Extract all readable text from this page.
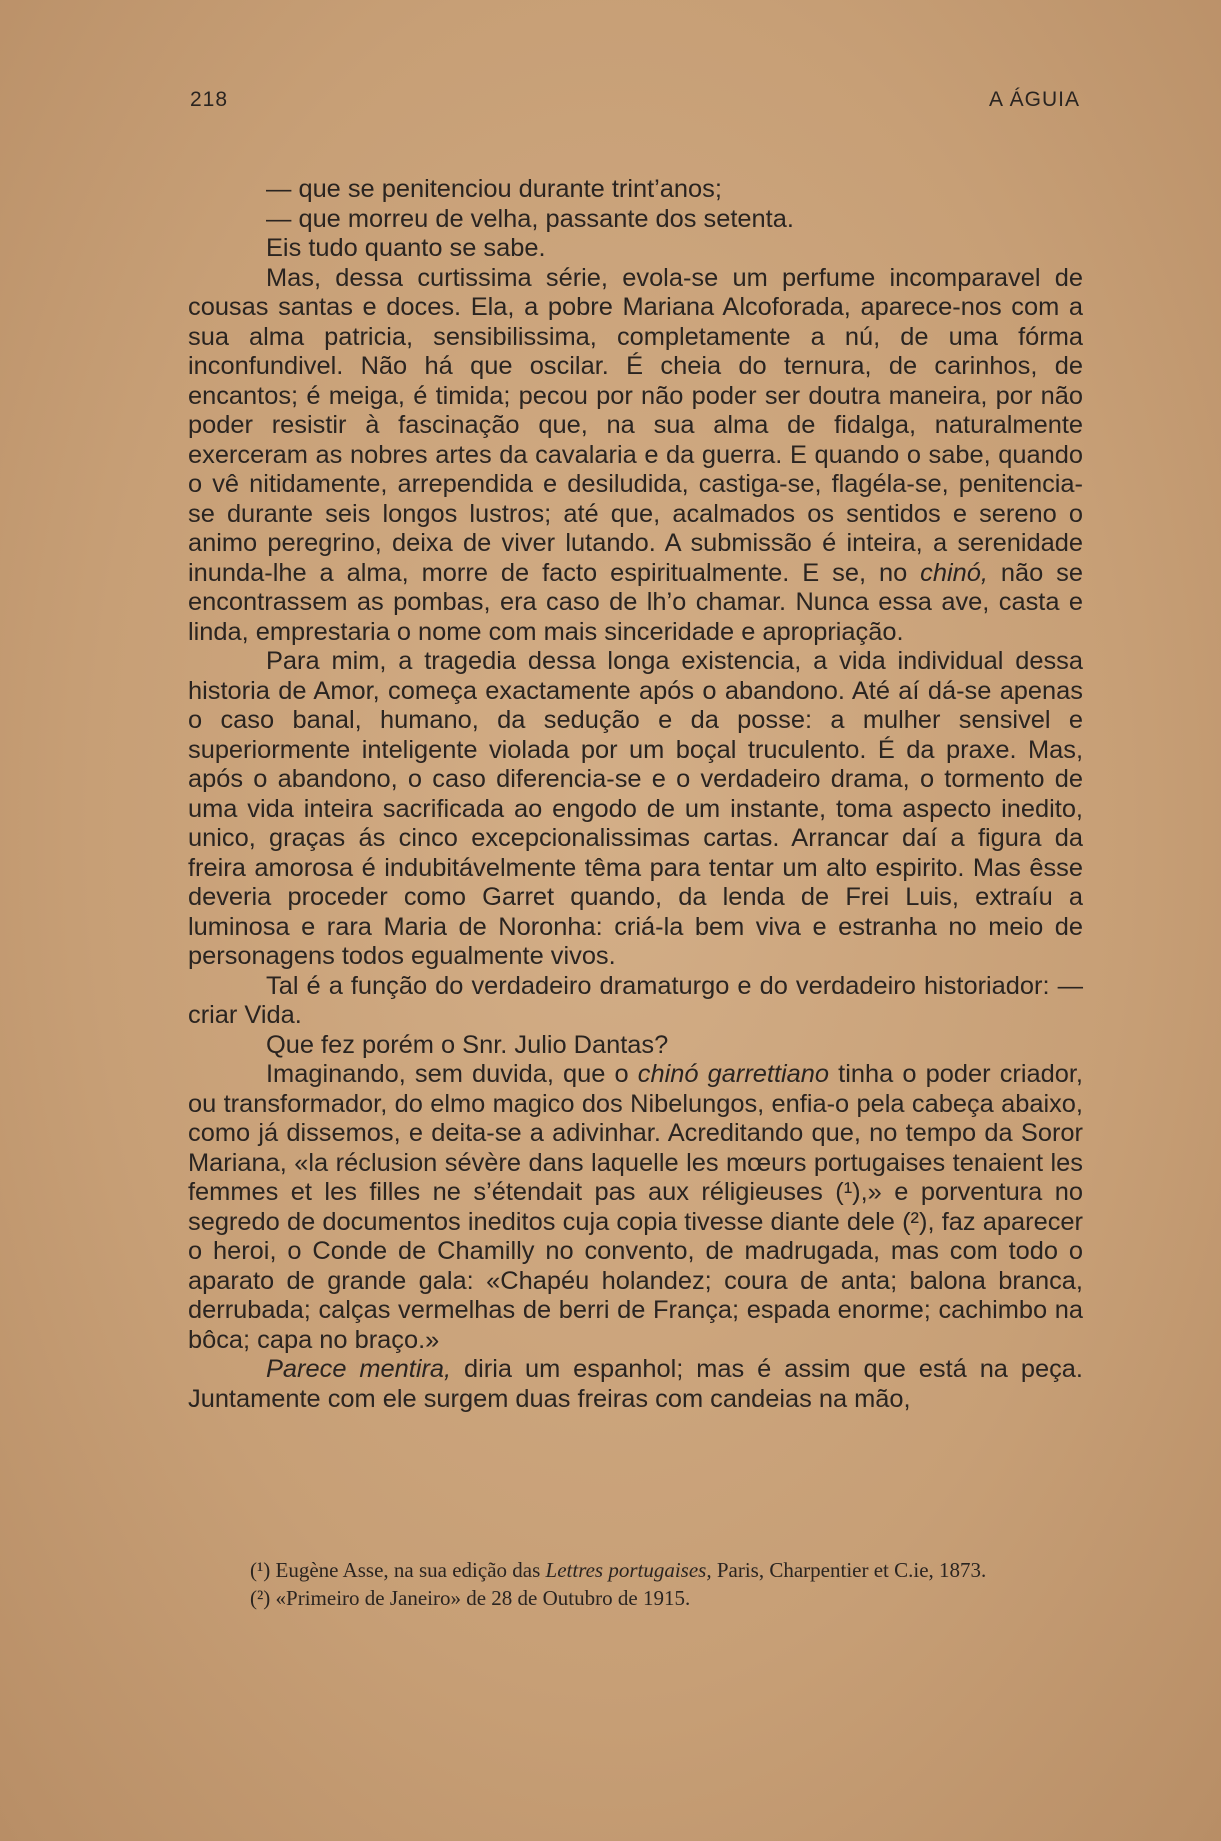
218	A ÁGUIA

— que se penitenciou durante trint’anos;

— que morreu de velha, passante dos setenta.

Eis tudo quanto se sabe.

Mas, dessa curtissima série, evola-se um perfume incomparavel de cousas santas e doces. Ela, a pobre Mariana Alcoforada, aparece-nos com a sua alma patricia, sensibilissima, completamente a nú, de uma fórma inconfundivel. Não há que oscilar. É cheia do ternura, de carinhos, de encantos; é meiga, é timida; pecou por não poder ser doutra maneira, por não poder resistir à fascinação que, na sua alma de fidalga, naturalmente exerceram as nobres artes da cavalaria e da guerra. E quando o sabe, quando o vê nitidamente, arrependida e desiludida, castiga-se, flagéla-se, penitencia-se durante seis longos lustros; até que, acalmados os sentidos e sereno o animo peregrino, deixa de viver lutando. A submissão é inteira, a serenidade inunda-lhe a alma, morre de facto espiritualmente. E se, no chinó, não se encontrassem as pombas, era caso de lh’o chamar. Nunca essa ave, casta e linda, emprestaria o nome com mais sinceridade e apropriação.

Para mim, a tragedia dessa longa existencia, a vida individual dessa historia de Amor, começa exactamente após o abandono. Até aí dá-se apenas o caso banal, humano, da sedução e da posse: a mulher sensivel e superiormente inteligente violada por um boçal truculento. É da praxe. Mas, após o abandono, o caso diferencia-se e o verdadeiro drama, o tormento de uma vida inteira sacrificada ao engodo de um instante, toma aspecto inedito, unico, graças ás cinco excepcionalissimas cartas. Arrancar daí a figura da freira amorosa é indubitávelmente têma para tentar um alto espirito. Mas êsse deveria proceder como Garret quando, da lenda de Frei Luis, extraíu a luminosa e rara Maria de Noronha: criá-la bem viva e estranha no meio de personagens todos egualmente vivos.

Tal é a função do verdadeiro dramaturgo e do verdadeiro historiador: — criar Vida.

Que fez porém o Snr. Julio Dantas?

Imaginando, sem duvida, que o chinó garrettiano tinha o poder criador, ou transformador, do elmo magico dos Nibelungos, enfia-o pela cabeça abaixo, como já dissemos, e deita-se a adivinhar. Acreditando que, no tempo da Soror Mariana, «la réclusion sévère dans laquelle les mœurs portugaises tenaient les femmes et les filles ne s’étendait pas aux réligieuses (¹),» e porventura no segredo de documentos ineditos cuja copia tivesse diante dele (²), faz aparecer o heroi, o Conde de Chamilly no convento, de madrugada, mas com todo o aparato de grande gala: «Chapéu holandez; coura de anta; balona branca, derrubada; calças vermelhas de berri de França; espada enorme; cachimbo na bôca; capa no braço.»

Parece mentira, diria um espanhol; mas é assim que está na peça. Juntamente com ele surgem duas freiras com candeias na mão,

(¹) Eugène Asse, na sua edição das Lettres portugaises, Paris, Charpentier et C.ie, 1873.

(²) «Primeiro de Janeiro» de 28 de Outubro de 1915.
